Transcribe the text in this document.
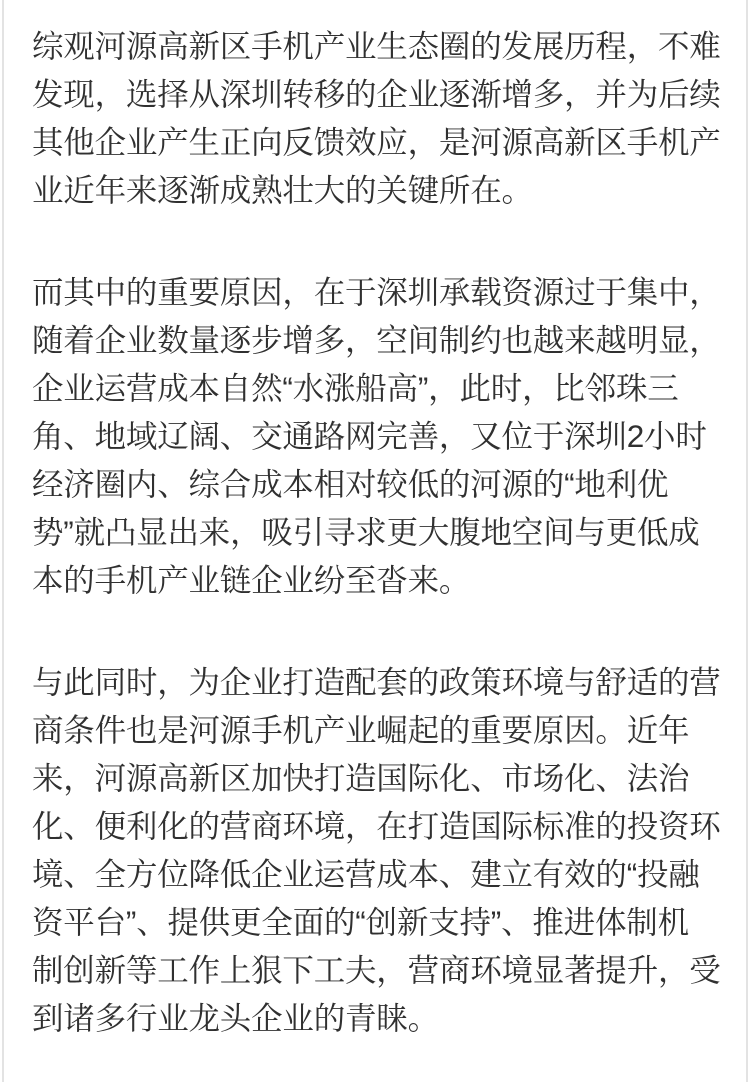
综观河源高新区手机产业生态圈的发展历程，不难
发现，选择从深圳转移的企业逐渐增多，并为后续
其他企业产生正向反馈效应，是河源高新区手机产
业近年来逐渐成熟壮大的关键所在。
而其中的重要原因，在于深圳承载资源过于集中，
随着企业数量逐步增多，空间制约也越来越明显，
企业运营成本自然“水涨船高”，此时，比邻珠三
角、地域辽阔、交通路网完善，又位于深圳2小时
经济圈内、综合成本相对较低的河源的“地利优
势”就凸显出来，吸引寻求更大腹地空间与更低成
本的手机产业链企业纷至沓来。
与此同时，为企业打造配套的政策环境与舒适的营
商条件也是河源手机产业崛起的重要原因。近年
来，河源高新区加快打造国际化、市场化、法治
化、便利化的营商环境，在打造国际标准的投资环
境、全方位降低企业运营成本、建立有效的“投融
资平台”、提供更全面的“创新支持”、推进体制机
制创新等工作上狠下工夫，营商环境显著提升，受
到诸多行业龙头企业的青睐。
